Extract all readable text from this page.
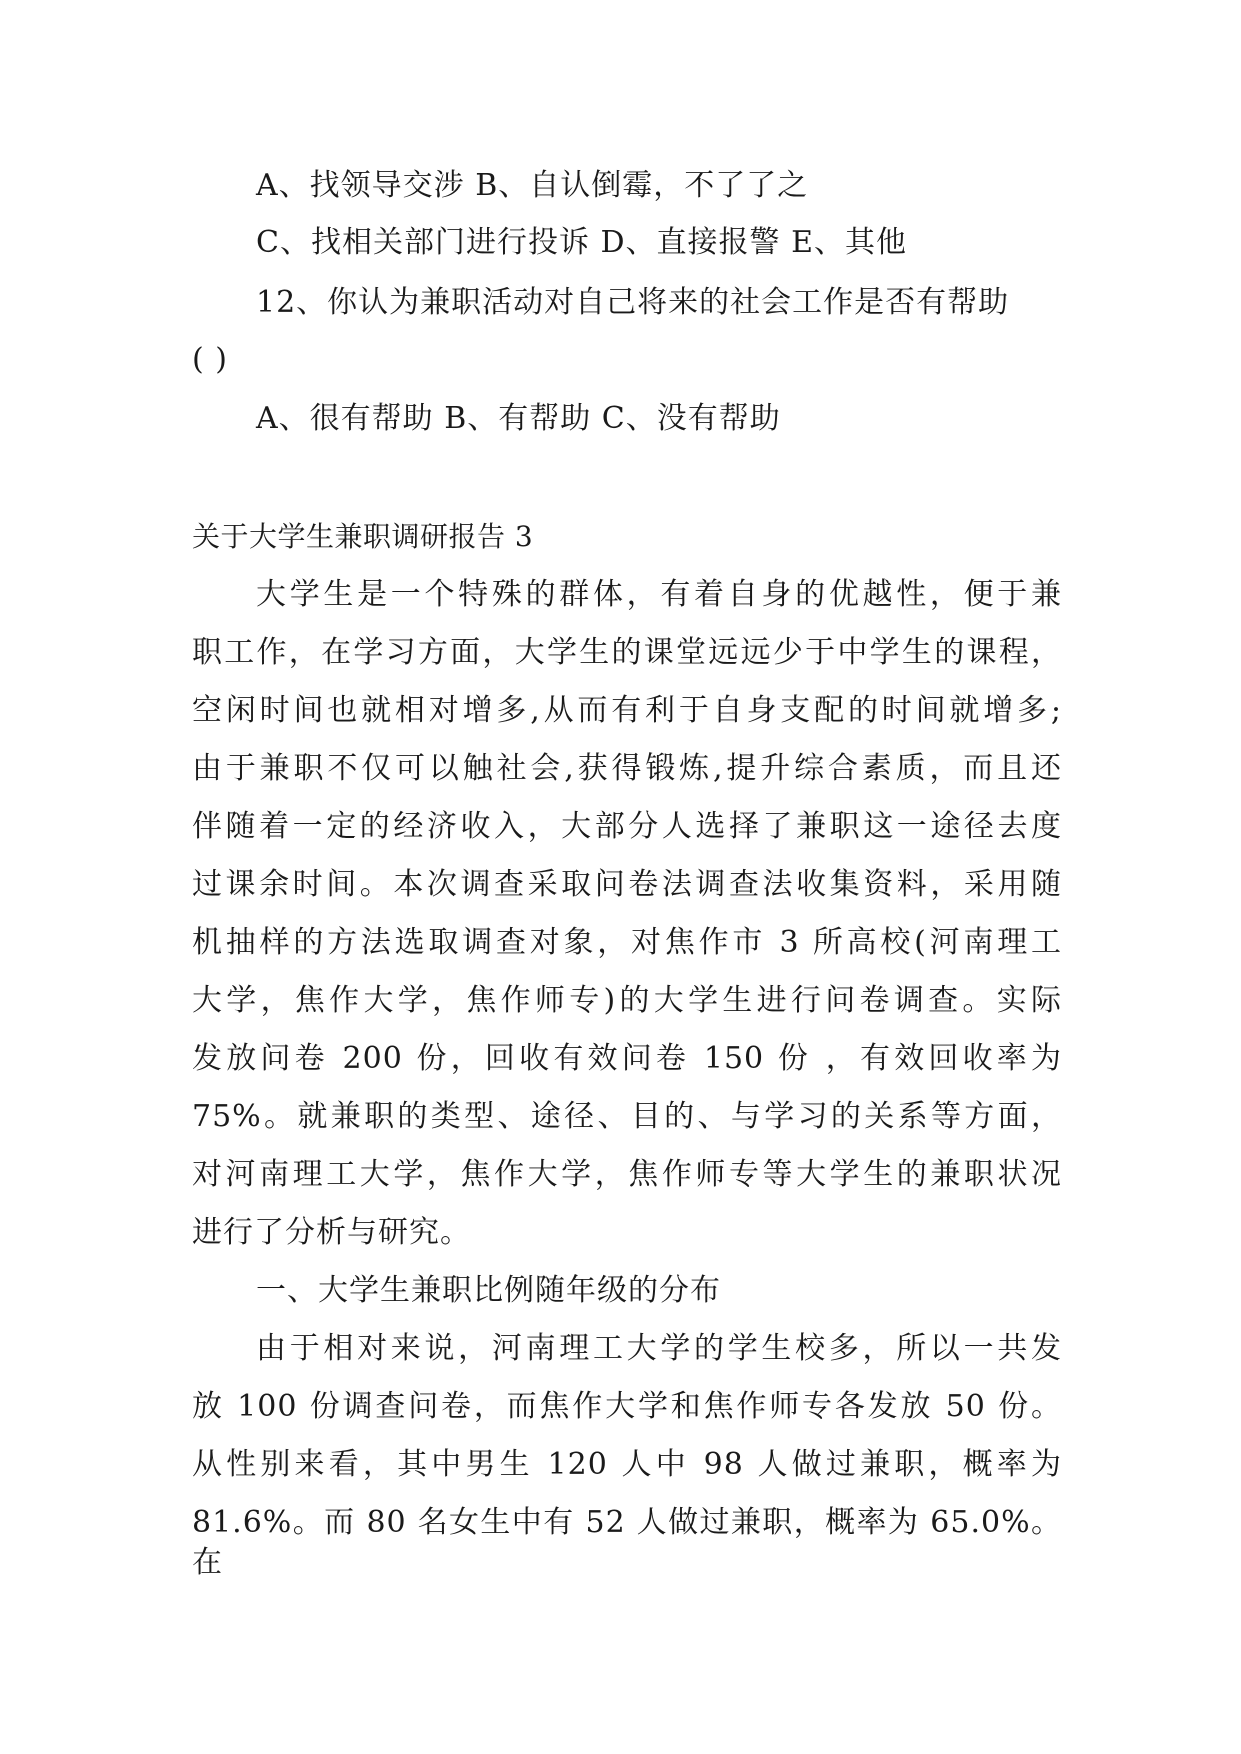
A、找领导交涉 B、自认倒霉，不了了之
C、找相关部门进行投诉 D、直接报警 E、其他
12、你认为兼职活动对自己将来的社会工作是否有帮助
( )
A、很有帮助 B、有帮助 C、没有帮助
关于大学生兼职调研报告 3
大学生是一个特殊的群体，有着自身的优越性，便于兼
职工作，在学习方面，大学生的课堂远远少于中学生的课程，
空闲时间也就相对增多,从而有利于自身支配的时间就增多;
由于兼职不仅可以触社会,获得锻炼,提升综合素质，而且还
伴随着一定的经济收入，大部分人选择了兼职这一途径去度
过课余时间。本次调查采取问卷法调查法收集资料，采用随
机抽样的方法选取调查对象，对焦作市 3 所高校(河南理工
大学，焦作大学，焦作师专)的大学生进行问卷调查。实际
发放问卷 200 份，回收有效问卷 150 份 ，有效回收率为
75%。就兼职的类型、途径、目的、与学习的关系等方面，
对河南理工大学，焦作大学，焦作师专等大学生的兼职状况
进行了分析与研究。
一、大学生兼职比例随年级的分布
由于相对来说，河南理工大学的学生校多，所以一共发
放 100 份调查问卷，而焦作大学和焦作师专各发放 50 份。
从性别来看，其中男生 120 人中 98 人做过兼职，概率为
81.6%。而 80 名女生中有 52 人做过兼职，概率为 65.0%。在
